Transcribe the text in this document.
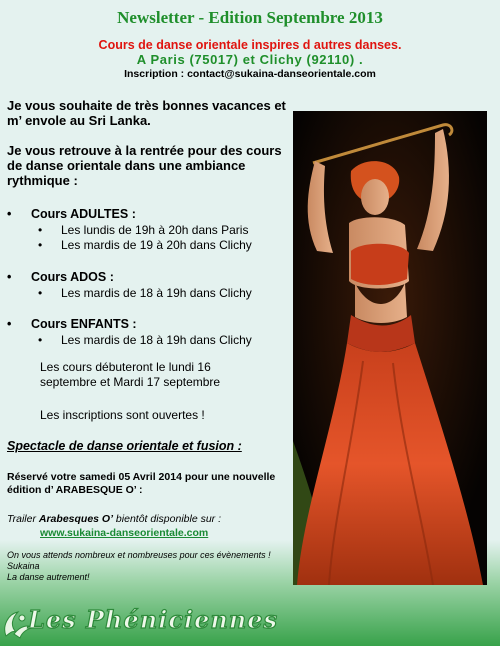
Newsletter - Edition Septembre 2013
Cours de danse orientale inspires d autres danses.
A Paris (75017) et Clichy (92110) .
Inscription : contact@sukaina-danseorientale.com
Je vous souhaite de très bonnes vacances et m’ envole au Sri Lanka.
Je vous retrouve à la rentrée pour des cours de danse orientale dans une ambiance rythmique :
• Cours ADULTES :
• Les lundis de 19h à 20h dans Paris
• Les mardis de 19 à 20h dans Clichy
• Cours ADOS :
• Les mardis de 18 à 19h dans Clichy
• Cours ENFANTS :
• Les mardis de 18 à 19h dans Clichy
Les cours débuteront le lundi 16 septembre et Mardi 17 septembre
Les inscriptions sont ouvertes !
Spectacle de danse orientale et fusion :
Réservé votre samedi 05 Avril 2014 pour une nouvelle édition d’ ARABESQUE O’ :
Trailer Arabesques O’ bientôt disponible sur :
www.sukaina-danseorientale.com
On vous attends nombreux et nombreuses pour ces évènements !
Sukaina
La danse autrement!
Les Phéniciennes
